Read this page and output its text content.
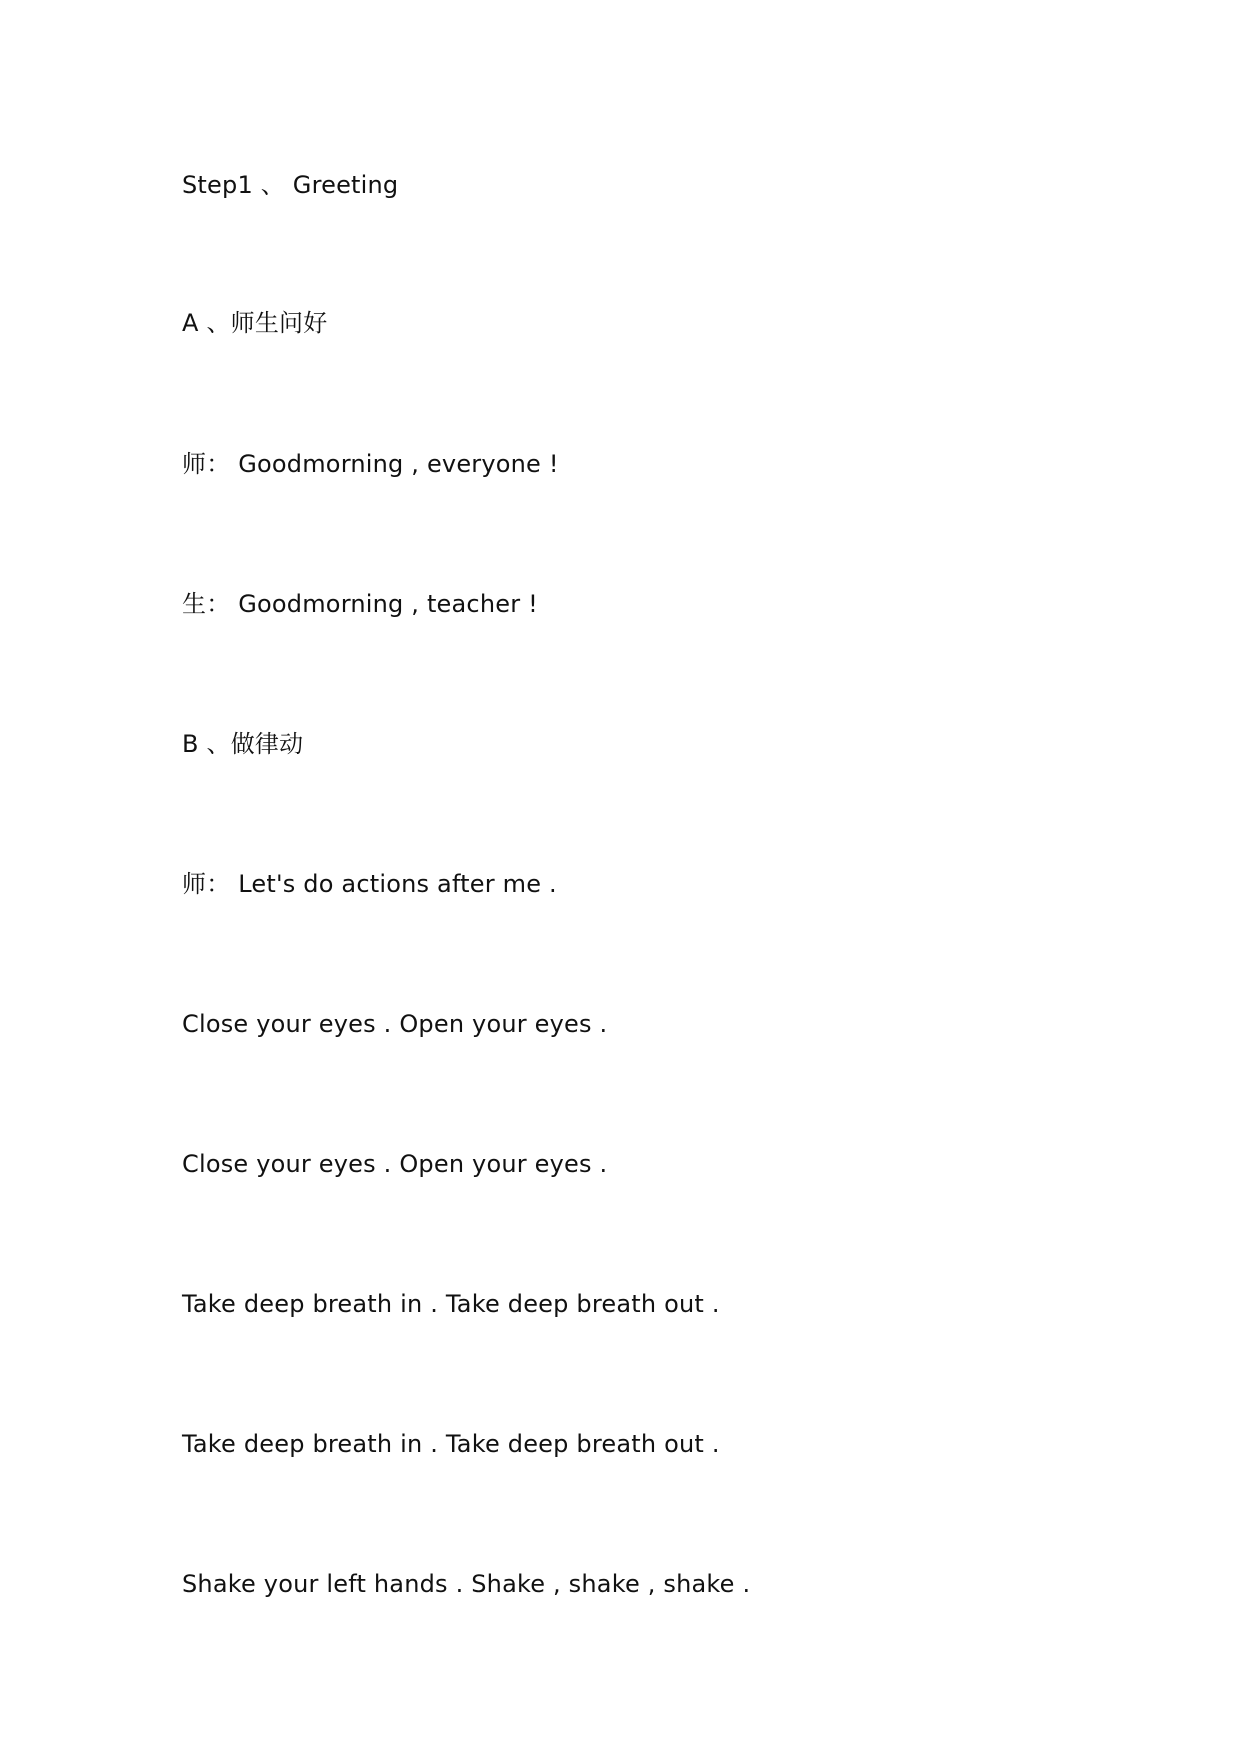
Step1 、 Greeting
A 、师生问好
师： Goodmorning , everyone !
生： Goodmorning , teacher !
B 、做律动
师： Let's do actions after me .
Close your eyes . Open your eyes .
Close your eyes . Open your eyes .
Take deep breath in . Take deep breath out .
Take deep breath in . Take deep breath out .
Shake your left hands . Shake , shake , shake .
